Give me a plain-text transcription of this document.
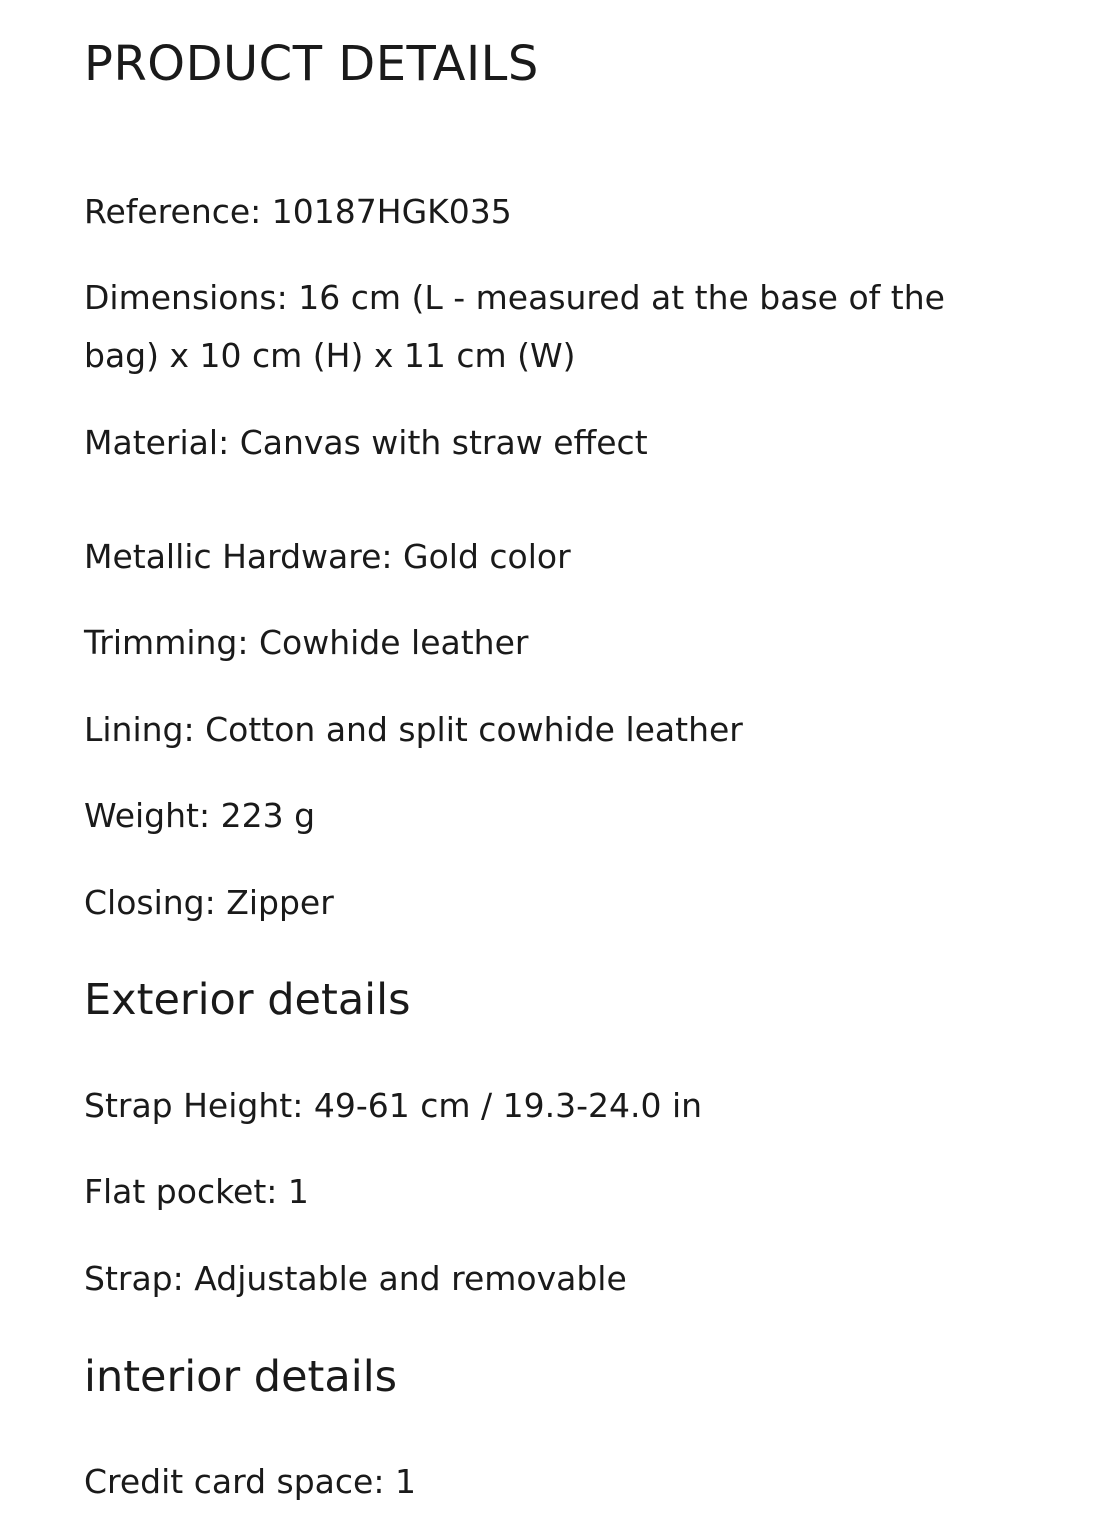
PRODUCT DETAILS

Reference: 10187HGK035

Dimensions: 16 cm (L - measured at the base of the bag) x 10 cm (H) x 11 cm (W)

Material: Canvas with straw effect

Metallic Hardware: Gold color

Trimming: Cowhide leather

Lining: Cotton and split cowhide leather

Weight: 223 g

Closing: Zipper

Exterior details

Strap Height: 49-61 cm / 19.3-24.0 in

Flat pocket: 1

Strap: Adjustable and removable

interior details

Credit card space: 1
